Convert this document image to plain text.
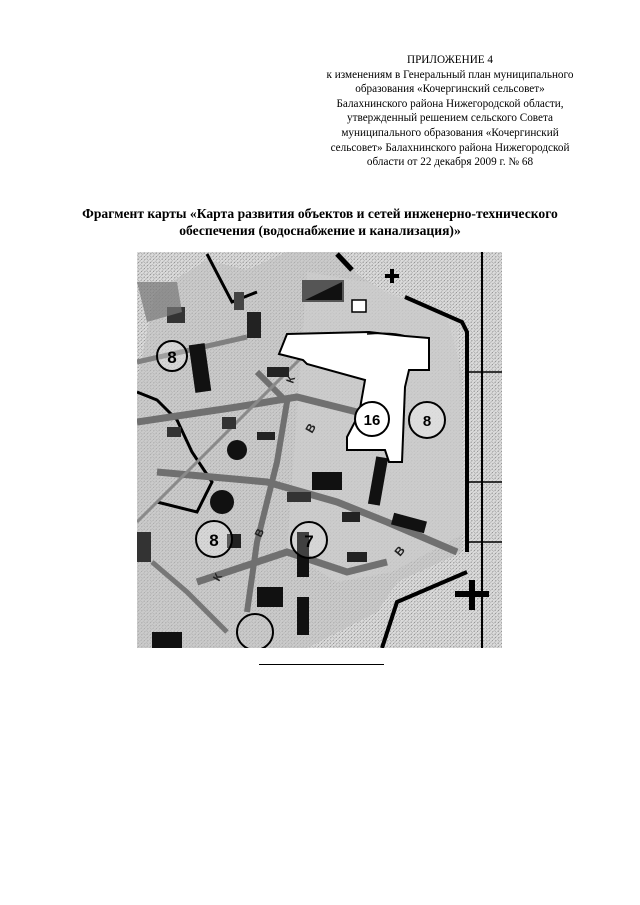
ПРИЛОЖЕНИЕ 4
к изменениям в Генеральный план муниципального
образования «Кочергинский сельсовет»
Балахнинского района Нижегородской области,
утвержденный решением сельского Совета
муниципального образования «Кочергинский
сельсовет» Балахнинского района Нижегородской
области от 22 декабря 2009 г. № 68
Фрагмент карты «Карта развития объектов и сетей инженерно-технического
обеспечения (водоснабжение и канализация)»
8
16	8
8	7
К
В
В
В
К
